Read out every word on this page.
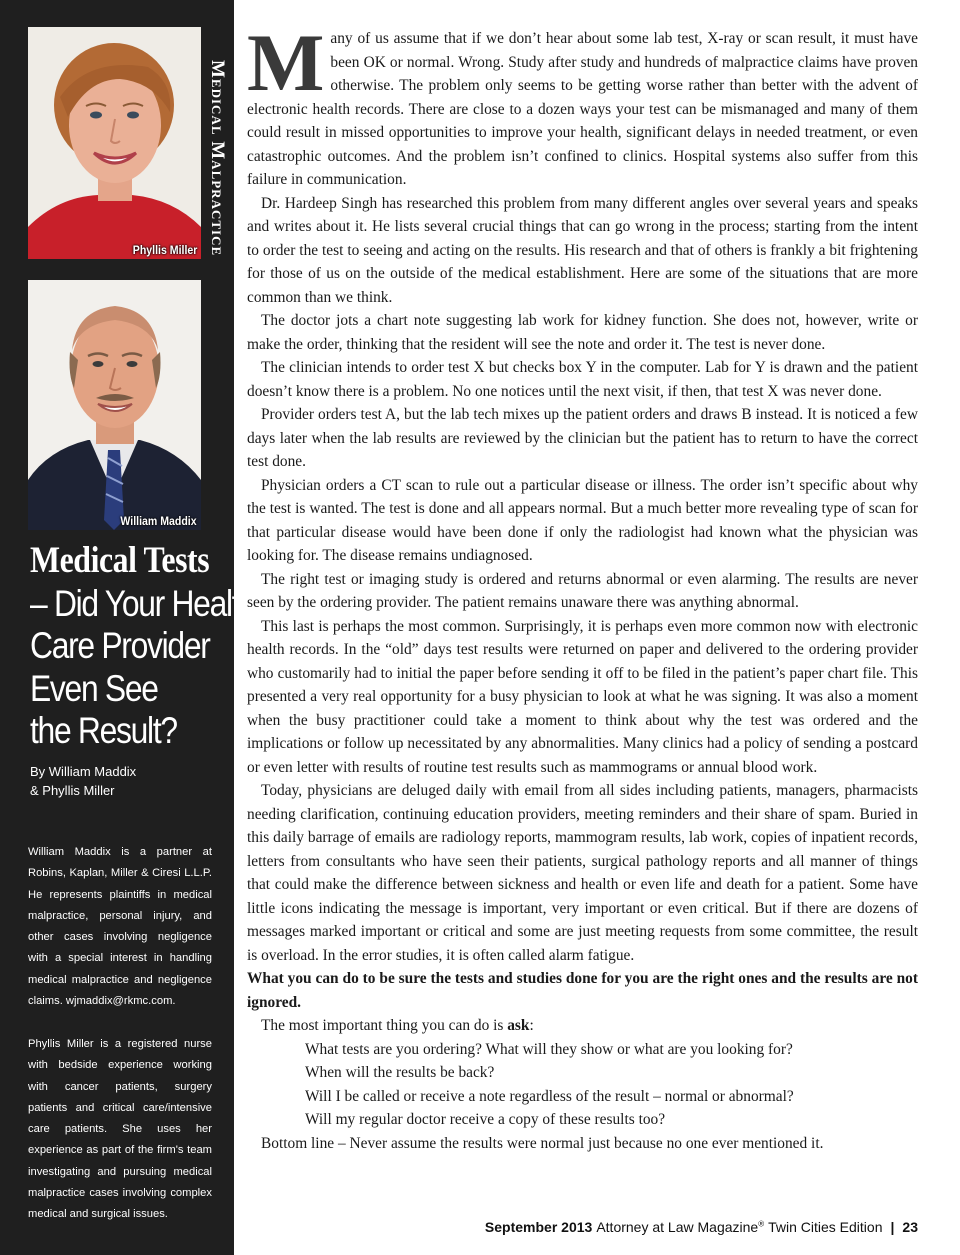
Phyllis Miller
William Maddix
Medical Malpractice
Medical Tests
– Did Your Health
Care Provider
Even See
the Result?
By William Maddix
& Phyllis Miller
William Maddix is a partner at Robins, Kaplan, Miller & Ciresi L.L.P. He represents plaintiffs in medical malpractice, personal injury, and other cases involving negligence with a special interest in handling medical malpractice and negligence claims. wjmaddix@rkmc.com.
Phyllis Miller is a registered nurse with bedside experience working with cancer patients, surgery patients and critical care/intensive care patients. She uses her experience as part of the firm's team investigating and pursuing medical malpractice cases involving complex medical and surgical issues.

Many of us assume that if we don’t hear about some lab test, X-ray or scan result, it must have been OK or normal. Wrong. Study after study and hundreds of malpractice claims have proven otherwise. The problem only seems to be getting worse rather than better with the advent of electronic health records. There are close to a dozen ways your test can be mismanaged and many of them could result in missed opportunities to improve your health, significant delays in needed treatment, or even catastrophic outcomes. And the problem isn’t confined to clinics. Hospital systems also suffer from this failure in communication.

Dr. Hardeep Singh has researched this problem from many different angles over several years and speaks and writes about it. He lists several crucial things that can go wrong in the process; starting from the intent to order the test to seeing and acting on the results. His research and that of others is frankly a bit frightening for those of us on the outside of the medical establishment. Here are some of the situations that are more common than we think.

The doctor jots a chart note suggesting lab work for kidney function. She does not, however, write or make the order, thinking that the resident will see the note and order it. The test is never done.

The clinician intends to order test X but checks box Y in the computer. Lab for Y is drawn and the patient doesn’t know there is a problem. No one notices until the next visit, if then, that test X was never done.

Provider orders test A, but the lab tech mixes up the patient orders and draws B instead. It is noticed a few days later when the lab results are reviewed by the clinician but the patient has to return to have the correct test done.

Physician orders a CT scan to rule out a particular disease or illness. The order isn’t specific about why the test is wanted. The test is done and all appears normal. But a much better more revealing type of scan for that particular disease would have been done if only the radiologist had known what the physician was looking for. The disease remains undiagnosed.

The right test or imaging study is ordered and returns abnormal or even alarming. The results are never seen by the ordering provider. The patient remains unaware there was anything abnormal.

This last is perhaps the most common. Surprisingly, it is perhaps even more common now with electronic health records. In the “old” days test results were returned on paper and delivered to the ordering provider who customarily had to initial the paper before sending it off to be filed in the patient’s paper chart file. This presented a very real opportunity for a busy physician to look at what he was signing. It was also a moment when the busy practitioner could take a moment to think about why the test was ordered and the implications or follow up necessitated by any abnormalities. Many clinics had a policy of sending a postcard or even letter with results of routine test results such as mammograms or annual blood work.

Today, physicians are deluged daily with email from all sides including patients, managers, pharmacists needing clarification, continuing education providers, meeting reminders and their share of spam. Buried in this daily barrage of emails are radiology reports, mammogram results, lab work, copies of inpatient records, letters from consultants who have seen their patients, surgical pathology reports and all manner of things that could make the difference between sickness and health or even life and death for a patient. Some have little icons indicating the message is important, very important or even critical. But if there are dozens of messages marked important or critical and some are just meeting requests from some committee, the result is overload. In the error studies, it is often called alarm fatigue.

What you can do to be sure the tests and studies done for you are the right ones and the results are not ignored.

The most important thing you can do is ask:

What tests are you ordering? What will they show or what are you looking for?

When will the results be back?

Will I be called or receive a note regardless of the result – normal or abnormal?

Will my regular doctor receive a copy of these results too?

Bottom line – Never assume the results were normal just because no one ever mentioned it.

September 2013 Attorney at Law Magazine® Twin Cities Edition | 23
